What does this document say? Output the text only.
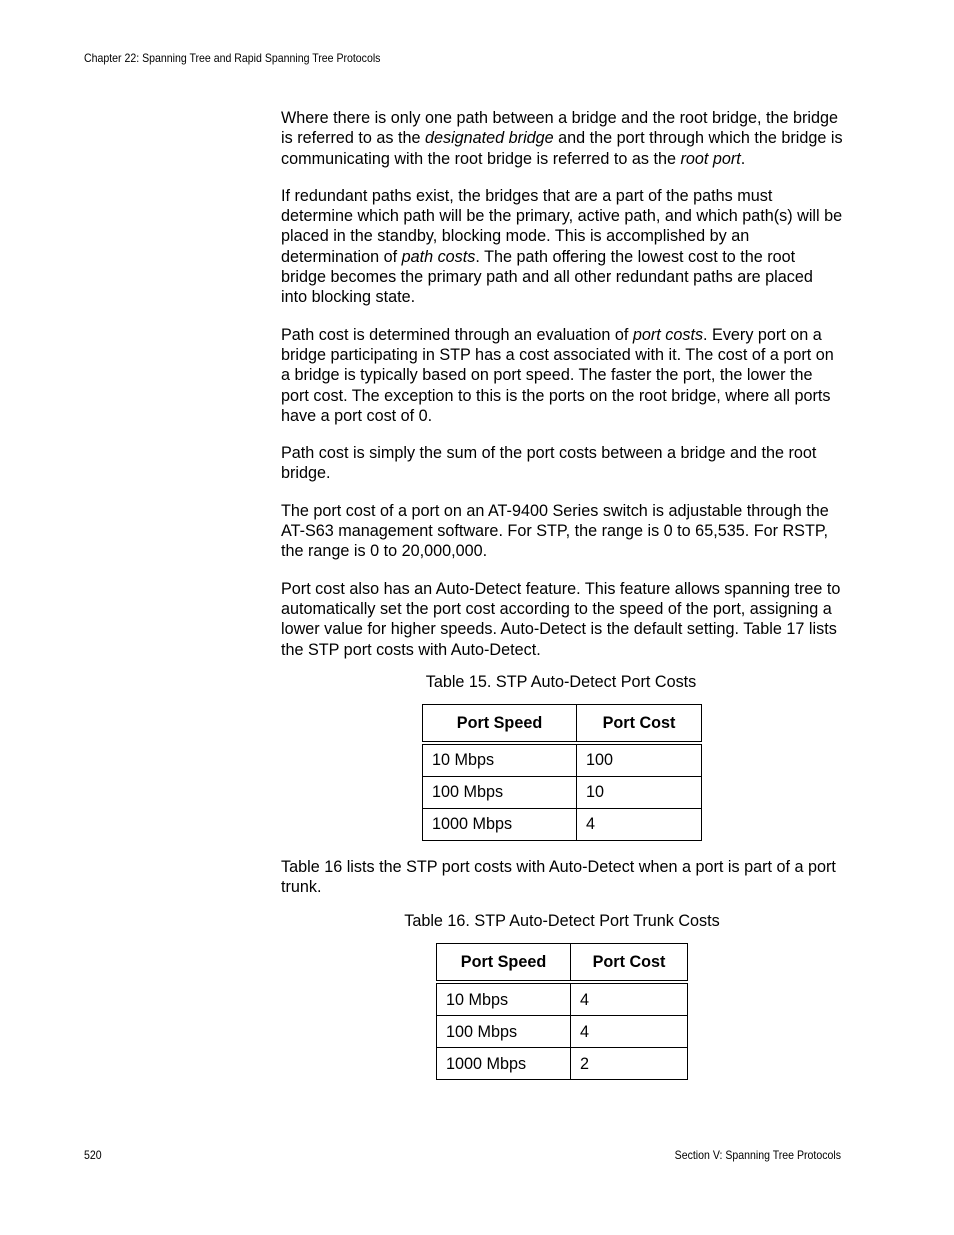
Chapter 22: Spanning Tree and Rapid Spanning Tree Protocols

Where there is only one path between a bridge and the root bridge, the bridge is referred to as the designated bridge and the port through which the bridge is communicating with the root bridge is referred to as the root port.

If redundant paths exist, the bridges that are a part of the paths must determine which path will be the primary, active path, and which path(s) will be placed in the standby, blocking mode. This is accomplished by an determination of path costs. The path offering the lowest cost to the root bridge becomes the primary path and all other redundant paths are placed into blocking state.

Path cost is determined through an evaluation of port costs. Every port on a bridge participating in STP has a cost associated with it. The cost of a port on a bridge is typically based on port speed. The faster the port, the lower the port cost. The exception to this is the ports on the root bridge, where all ports have a port cost of 0.

Path cost is simply the sum of the port costs between a bridge and the root bridge.

The port cost of a port on an AT-9400 Series switch is adjustable through the AT-S63 management software. For STP, the range is 0 to 65,535. For RSTP, the range is 0 to 20,000,000.

Port cost also has an Auto-Detect feature. This feature allows spanning tree to automatically set the port cost according to the speed of the port, assigning a lower value for higher speeds. Auto-Detect is the default setting. Table 17 lists the STP port costs with Auto-Detect.

Table 15. STP Auto-Detect Port Costs
Port Speed	Port Cost
10 Mbps	100
100 Mbps	10
1000 Mbps	4

Table 16 lists the STP port costs with Auto-Detect when a port is part of a port trunk.

Table 16. STP Auto-Detect Port Trunk Costs
Port Speed	Port Cost
10 Mbps	4
100 Mbps	4
1000 Mbps	2
520	Section V: Spanning Tree Protocols
